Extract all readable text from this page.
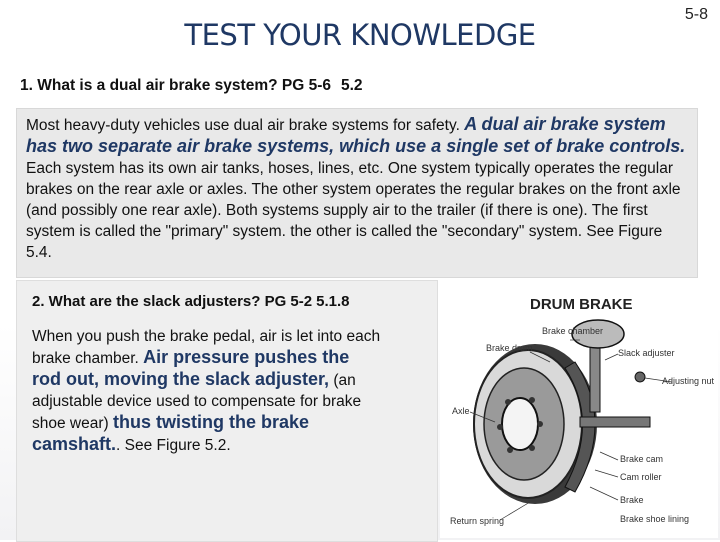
TEST YOUR KNOWLEDGE
5-8
1. What is a dual air brake system? PG 5-6 5.2

Most heavy-duty vehicles use dual air brake systems for safety. A dual air brake system has two separate air brake systems, which use a single set of brake controls. Each system has its own air tanks, hoses, lines, etc. One system typically operates the regular brakes on the rear axle or axles. The other system operates the regular brakes on the front axle (and possibly one rear axle). Both systems supply air to the trailer (if there is one). The first system is called the "primary" system. the other is called the "secondary" system. See Figure 5.4.

2. What are the slack adjusters? PG 5-2 5.1.8

When you push the brake pedal, air is let into each brake chamber. Air pressure pushes the rod out, moving the slack adjuster, (an adjustable device used to compensate for brake shoe wear) thus twisting the brake camshaft.. See Figure 5.2.

DRUM BRAKE
Brake chamber
Brake drum	Slack adjuster
Adjusting nut
Axle
Brake cam
Cam roller
Return spring
Brake
Brake shoe lining
